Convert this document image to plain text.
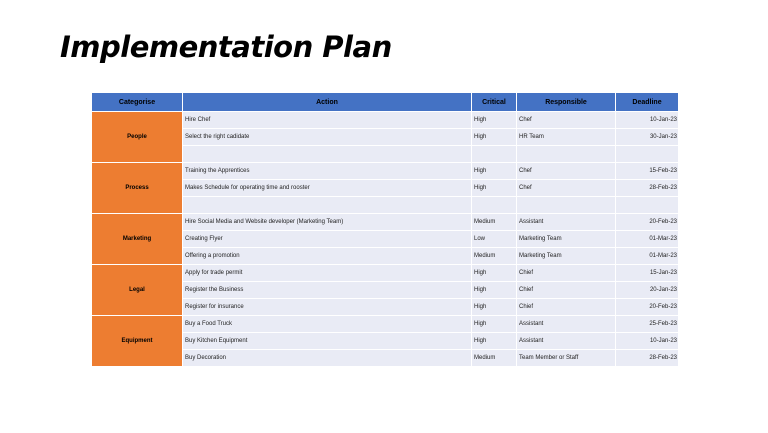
Implementation Plan
Categorise	Action	Critical	Responsible	Deadline
People	Hire Chef	High	Chef	10-Jan-23
	Select the right cadidate	High	HR Team	30-Jan-23

Process	Training the Apprentices	High	Chef	15-Feb-23
	Makes Schedule for operating time and rooster	High	Chef	28-Feb-23

Marketing	Hire Social Media and Website developer (Marketing Team)	Medium	Assistant	20-Feb-23
	Creating Flyer	Low	Marketing Team	01-Mar-23
	Offering a promotion	Medium	Marketing Team	01-Mar-23
Legal	Apply for trade permit	High	Chief	15-Jan-23
	Register the Business	High	Chief	20-Jan-23
	Register for insurance	High	Chief	20-Feb-23
Equipment	Buy a Food Truck	High	Assistant	25-Feb-23
	Buy Kitchen Equipment	High	Assistant	10-Jan-23
	Buy Decoration	Medium	Team Member or Staff	28-Feb-23
